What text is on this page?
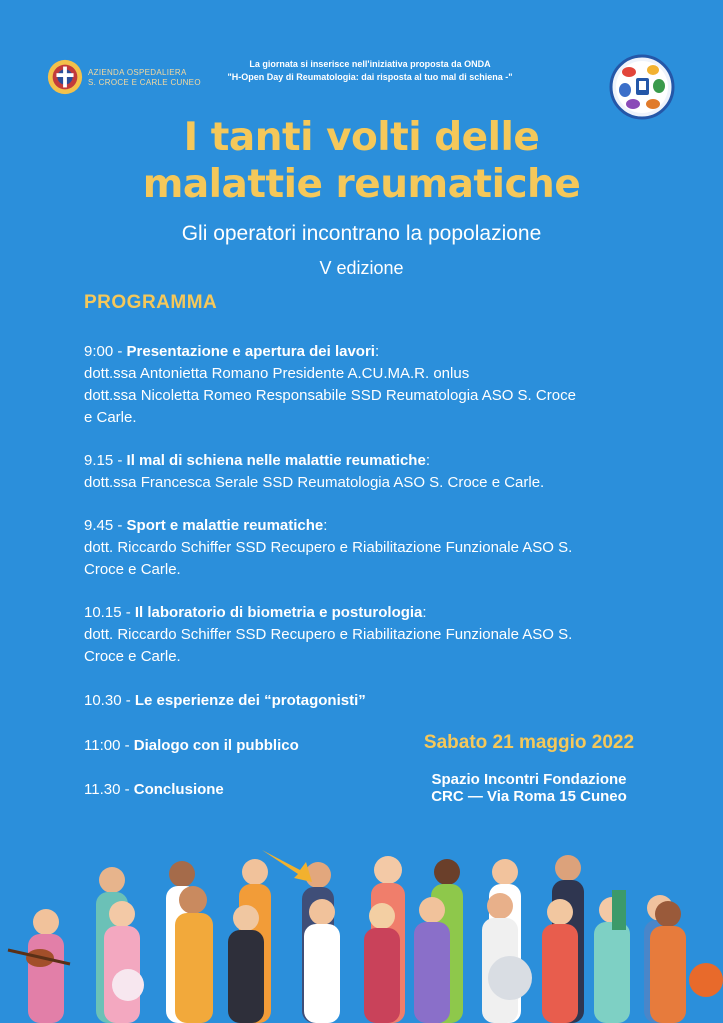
AZIENDA OSPEDALIERA
S. CROCE E CARLE CUNEO
La giornata si inserisce nell'iniziativa proposta da ONDA
"H-Open Day di Reumatologia: dai risposta al tuo mal di schiena -"
I tanti volti delle
malattie reumatiche
Gli operatori incontrano la popolazione
V edizione
PROGRAMMA
9:00 - Presentazione e apertura dei lavori:
dott.ssa Antonietta Romano Presidente A.CU.MA.R. onlus
dott.ssa Nicoletta Romeo Responsabile SSD Reumatologia ASO S. Croce
e Carle.
9.15 - Il mal di schiena nelle malattie reumatiche:
dott.ssa Francesca Serale SSD Reumatologia ASO S. Croce e Carle.
9.45 - Sport e malattie reumatiche:
dott. Riccardo Schiffer SSD Recupero e Riabilitazione Funzionale ASO S.
Croce e Carle.
10.15 - Il laboratorio di biometria e posturologia:
dott. Riccardo Schiffer SSD Recupero e Riabilitazione Funzionale ASO S.
Croce e Carle.
10.30 - Le esperienze dei “protagonisti”
11:00 - Dialogo con il pubblico
11.30 - Conclusione
Sabato 21 maggio 2022
Spazio Incontri Fondazione
CRC — Via Roma 15 Cuneo
